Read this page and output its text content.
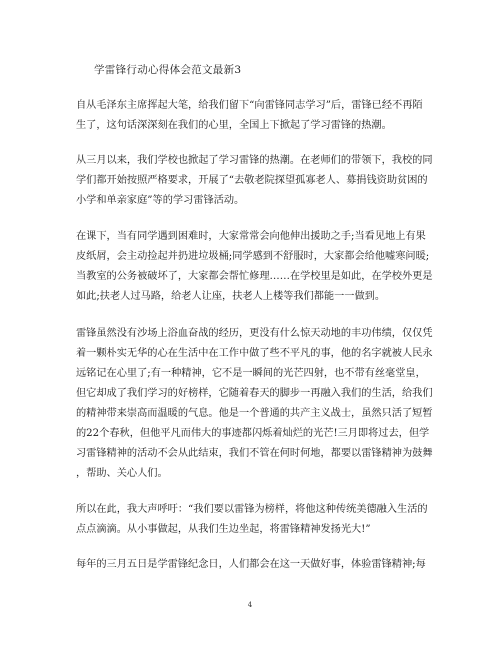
学雷锋行动心得体会范文最新3
自从毛泽东主席挥起大笔，给我们留下“向雷锋同志学习”后，雷锋已经不再陌
生了，这句话深深刻在我们的心里，全国上下掀起了学习雷锋的热潮。
从三月以来，我们学校也掀起了学习雷锋的热潮。在老师们的带领下，我校的同
学们都开始按照严格要求，开展了“去敬老院探望孤寡老人、募捐钱资助贫困的
小学和单亲家庭”等的学习雷锋活动。
在课下，当有同学遇到困难时，大家常常会向他伸出援助之手;当看见地上有果
皮纸屑，会主动捡起并扔进垃圾桶;同学感到不舒服时，大家都会给他嘘寒问暖;
当教室的公务被破坏了，大家都会帮忙修理……在学校里是如此，在学校外更是
如此;扶老人过马路，给老人让座，扶老人上楼等我们都能一一做到。
雷锋虽然没有沙场上浴血奋战的经历，更没有什么惊天动地的丰功伟绩，仅仅凭
着一颗朴实无华的心在生活中在工作中做了些不平凡的事，他的名字就被人民永
远铭记在心里了;有一种精神，它不是一瞬间的光芒四射，也不带有丝毫堂皇，
但它却成了我们学习的好榜样，它随着春天的脚步一再融入我们的生活，给我们
的精神带来崇高而温暖的气息。他是一个普通的共产主义战士，虽然只活了短暂
的22个春秋，但他平凡而伟大的事迹都闪烁着灿烂的光芒!三月即将过去，但学
习雷锋精神的活动不会从此结束，我们不管在何时何地，都要以雷锋精神为鼓舞
，帮助、关心人们。
所以在此，我大声呼吁：“我们要以雷锋为榜样，将他这种传统美德融入生活的
点点滴滴。从小事做起，从我们生边坐起，将雷锋精神发扬光大!”
每年的三月五日是学雷锋纪念日，人们都会在这一天做好事，体验雷锋精神;每
4
